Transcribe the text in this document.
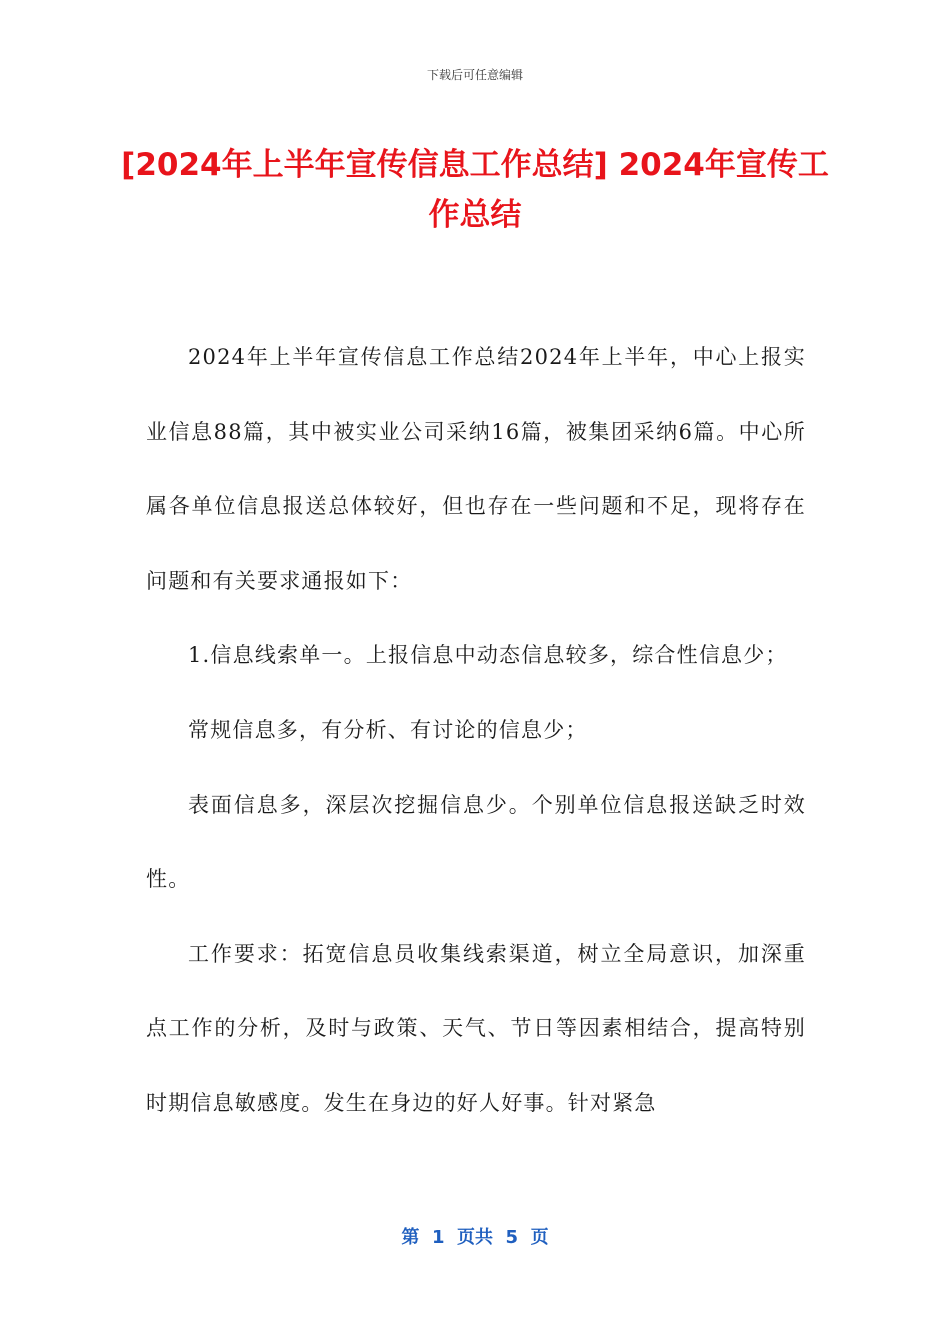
下载后可任意编辑
[2024年上半年宣传信息工作总结] 2024年宣传工作总结

2024年上半年宣传信息工作总结2024年上半年，中心上报实业信息88篇，其中被实业公司采纳16篇，被集团采纳6篇。中心所属各单位信息报送总体较好，但也存在一些问题和不足，现将存在问题和有关要求通报如下：

1.信息线索单一。上报信息中动态信息较多，综合性信息少；

常规信息多，有分析、有讨论的信息少；

表面信息多，深层次挖掘信息少。个别单位信息报送缺乏时效性。

工作要求：拓宽信息员收集线索渠道，树立全局意识，加深重点工作的分析，及时与政策、天气、节日等因素相结合，提高特别时期信息敏感度。发生在身边的好人好事。针对紧急

第  1  页共  5  页
